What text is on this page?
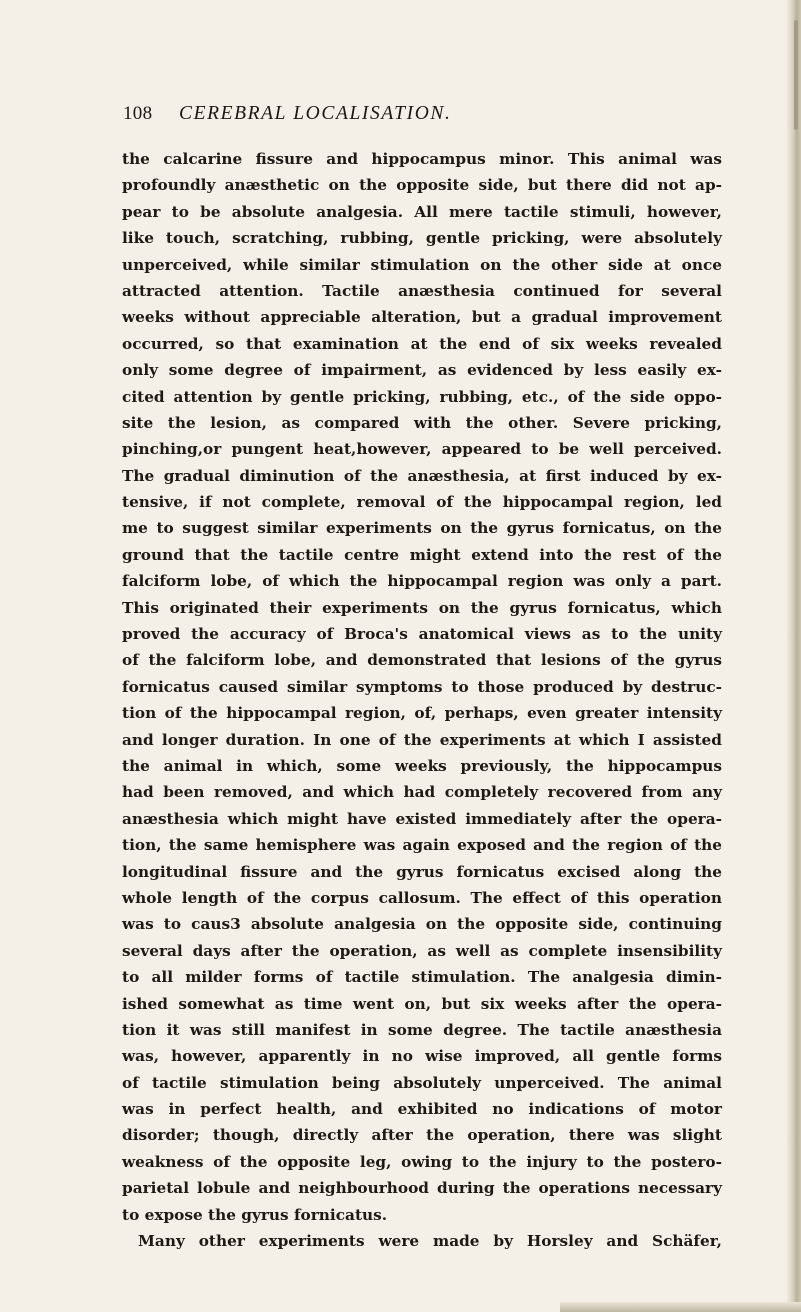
108 CEREBRAL LOCALISATION.
the calcarine fissure and hippocampus minor. This animal was
profoundly anæsthetic on the opposite side, but there did not ap-
pear to be absolute analgesia. All mere tactile stimuli, however,
like touch, scratching, rubbing, gentle pricking, were absolutely
unperceived, while similar stimulation on the other side at once
attracted attention. Tactile anæsthesia continued for several
weeks without appreciable alteration, but a gradual improvement
occurred, so that examination at the end of six weeks revealed
only some degree of impairment, as evidenced by less easily ex-
cited attention by gentle pricking, rubbing, etc., of the side oppo-
site the lesion, as compared with the other. Severe pricking,
pinching,or pungent heat,however, appeared to be well perceived.
The gradual diminution of the anæsthesia, at first induced by ex-
tensive, if not complete, removal of the hippocampal region, led
me to suggest similar experiments on the gyrus fornicatus, on the
ground that the tactile centre might extend into the rest of the
falciform lobe, of which the hippocampal region was only a part.
This originated their experiments on the gyrus fornicatus, which
proved the accuracy of Broca's anatomical views as to the unity
of the falciform lobe, and demonstrated that lesions of the gyrus
fornicatus caused similar symptoms to those produced by destruc-
tion of the hippocampal region, of, perhaps, even greater intensity
and longer duration. In one of the experiments at which I assisted
the animal in which, some weeks previously, the hippocampus
had been removed, and which had completely recovered from any
anæsthesia which might have existed immediately after the opera-
tion, the same hemisphere was again exposed and the region of the
longitudinal fissure and the gyrus fornicatus excised along the
whole length of the corpus callosum. The effect of this operation
was to caus3 absolute analgesia on the opposite side, continuing
several days after the operation, as well as complete insensibility
to all milder forms of tactile stimulation. The analgesia dimin-
ished somewhat as time went on, but six weeks after the opera-
tion it was still manifest in some degree. The tactile anæsthesia
was, however, apparently in no wise improved, all gentle forms
of tactile stimulation being absolutely unperceived. The animal
was in perfect health, and exhibited no indications of motor
disorder; though, directly after the operation, there was slight
weakness of the opposite leg, owing to the injury to the postero-
parietal lobule and neighbourhood during the operations necessary
to expose the gyrus fornicatus.
Many other experiments were made by Horsley and Schäfer,
